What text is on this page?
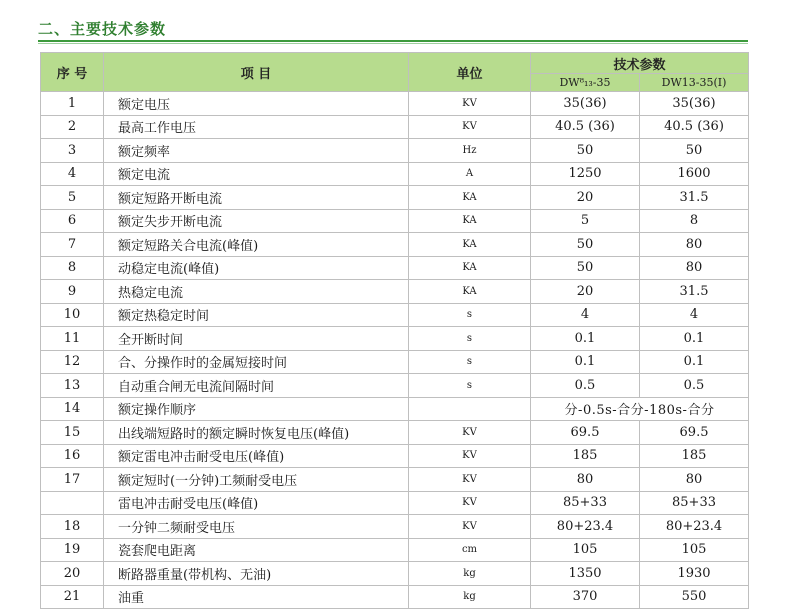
二、主要技术参数
序 号	项 目	单位	技术参数	
			DW⁸₁₃-35	DW13-35(Ⅰ)
1	额定电压	KV	35(36)	35(36)
2	最高工作电压	KV	40.5 (36)	40.5 (36)
3	额定频率	Hz	50	50
4	额定电流	A	1250	1600
5	额定短路开断电流	KA	20	31.5
6	额定失步开断电流	KA	5	8
7	额定短路关合电流(峰值)	KA	50	80
8	动稳定电流(峰值)	KA	50	80
9	热稳定电流	KA	20	31.5
10	额定热稳定时间	s	4	4
11	全开断时间	s	0.1	0.1
12	合、分操作时的金属短接时间	s	0.1	0.1
13	自动重合闸无电流间隔时间	s	0.5	0.5
14	额定操作顺序		分-0.5s-合分-180s-合分	
15	出线端短路时的额定瞬时恢复电压(峰值)	KV	69.5	69.5
16	额定雷电冲击耐受电压(峰值)	KV	185	185
17	额定短时(一分钟)工频耐受电压	KV	80	80
	雷电冲击耐受电压(峰值)	KV	85+33	85+33
18	一分钟二频耐受电压	KV	80+23.4	80+23.4
19	瓷套爬电距离	cm	105	105
20	断路器重量(带机构、无油)	kg	1350	1930
21	油重	kg	370	550
